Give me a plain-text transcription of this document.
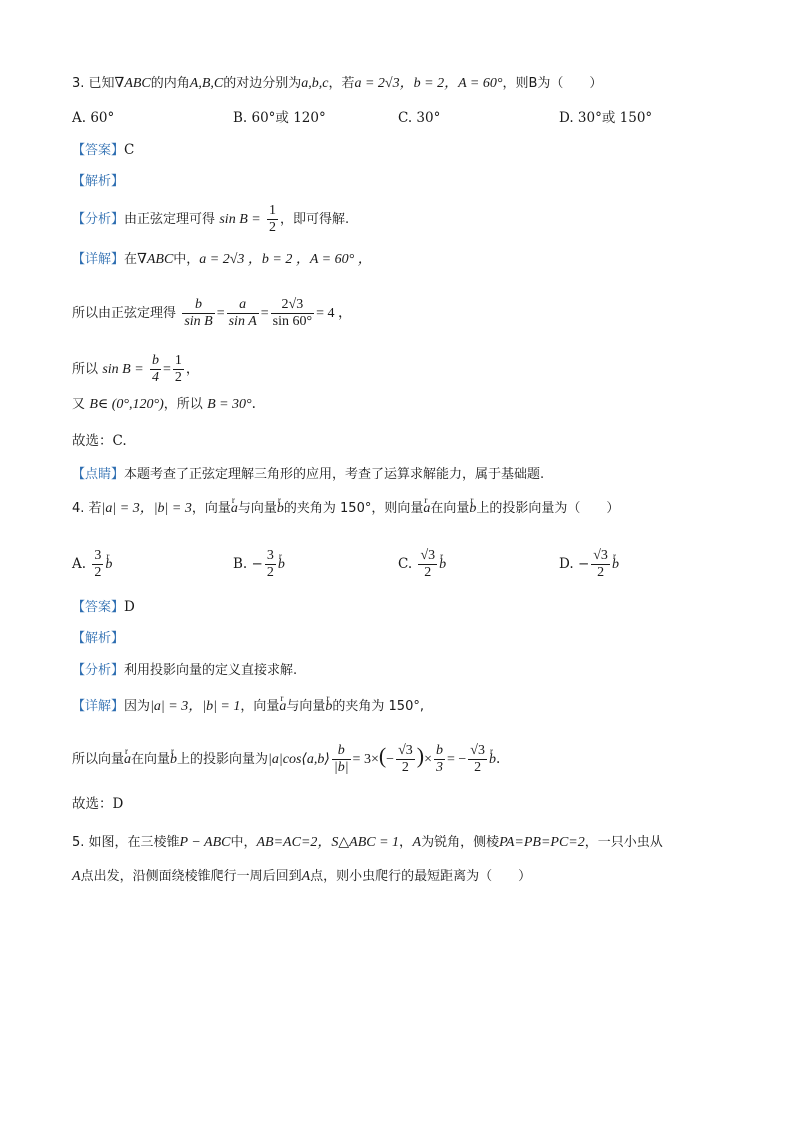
3. 已知∇ABC的内角A,B,C的对边分别为a,b,c，若a = 2√3，b = 2，A = 60°，则B为（　　）
A. 60°	B. 60°或 120°	C. 30°	D. 30°或 150°
【 答案 】 C
【 解析 】
【 分析 】 由正弦定理可得 $\sin B = \frac{1}{2}$ ，即可得解.
【 详解 】 在∇ABC中，a = 2√3 ，b = 2 ，A = 60° ，
所以由正弦定理得 $\frac{b}{\text{sin B}} = \frac{a}{\text{sin A}} = \frac{2√3}{\sin 60^\circ} = 4$ ，
所以 $\sin B = \frac{b}{4} = \frac{1}{2}$ ，
又 B∈ (0°,120°)，所以 B = 30°.
故选：C.
【 点睛 】 本题考查了正弦定理解三角形的应用，考查了运算求解能力，属于基础题.
4. 若|a| = 3，|b| = 3，向量r a与向量r b的夹角为 150°，则向量r a在向量r b上的投影向量为（　　）
A. $\frac{3}{2}$ r b	B. − $\frac{3}{2}$ r b	C. $\frac{√3}{2}$ r b	D. − $\frac{√3}{2}$ r b
【 答案 】 D
【 解析 】
【 分析 】 利用投影向量的定义直接求解.
【 详解 】 因为|a| = 3，|b| = 1，向量r a与向量r b的夹角为 150°,
所以向量r a在向量r b上的投影向量为|a|cos⟨a,b⟩ $\frac{b}{|b|} = 3\times(- \frac{√3}{2}$ )× $\frac{b}{3}$ = − $\frac{√3}{2}$ r b.
故选：D
5. 如图，在三棱锥P − ABC中，AB=AC=2，S△ABC = 1，A为锐角，侧棱PA=PB=PC=2，一只小虫从
A点出发，沿侧面绕棱锥爬行一周后回到A点，则小虫爬行的最短距离为（　　）
